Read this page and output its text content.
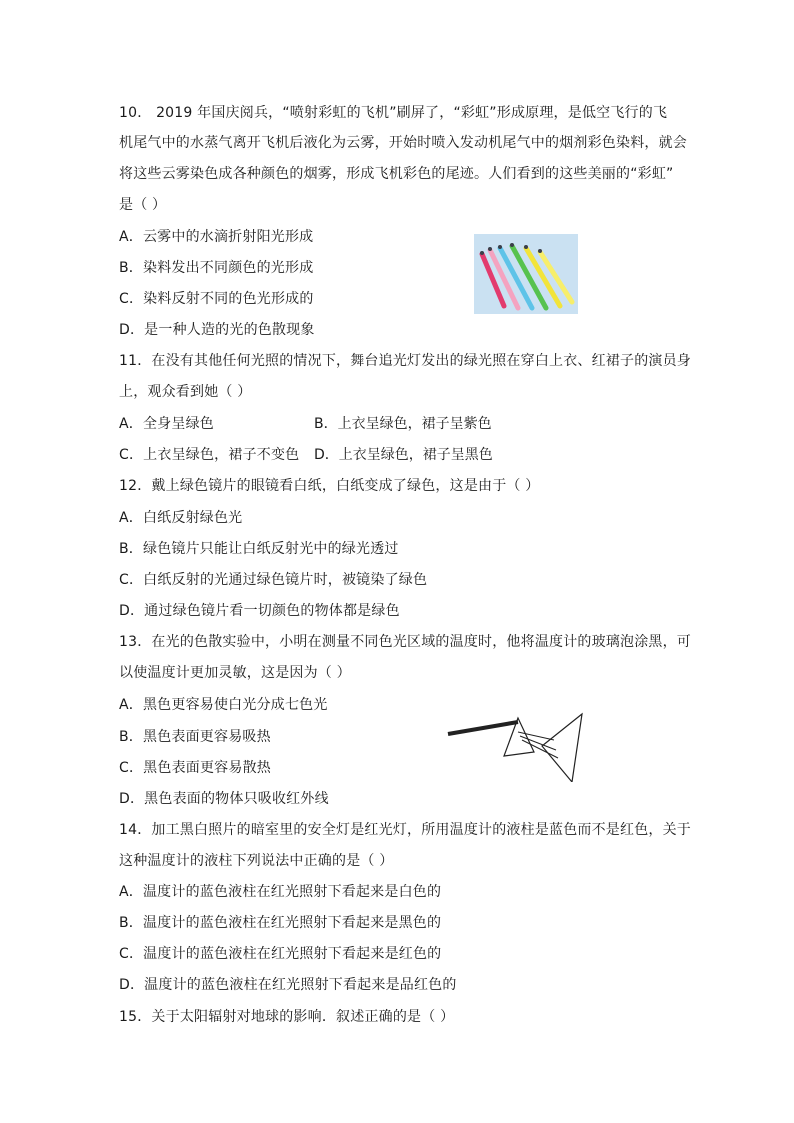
10． 2019 年国庆阅兵，“喷射彩虹的飞机”刷屏了，“彩虹”形成原理，是低空飞行的飞
机尾气中的水蒸气离开飞机后液化为云雾，开始时喷入发动机尾气中的烟剂彩色染料，就会
将这些云雾染色成各种颜色的烟雾，形成飞机彩色的尾迹。人们看到的这些美丽的“彩虹”
是（ ）
A．云雾中的水滴折射阳光形成
B．染料发出不同颜色的光形成
C．染料反射不同的色光形成的
D．是一种人造的光的色散现象
11．在没有其他任何光照的情况下，舞台追光灯发出的绿光照在穿白上衣、红裙子的演员身
上，观众看到她（ ）
A．全身呈绿色	B．上衣呈绿色，裙子呈紫色
C．上衣呈绿色，裙子不变色 D．上衣呈绿色，裙子呈黑色
12．戴上绿色镜片的眼镜看白纸，白纸变成了绿色，这是由于（ ）
A．白纸反射绿色光
B．绿色镜片只能让白纸反射光中的绿光透过
C．白纸反射的光通过绿色镜片时，被镜染了绿色
D．通过绿色镜片看一切颜色的物体都是绿色
13．在光的色散实验中，小明在测量不同色光区域的温度时，他将温度计的玻璃泡涂黑，可
以使温度计更加灵敏，这是因为（ ）
A．黑色更容易使白光分成七色光
B．黑色表面更容易吸热
C．黑色表面更容易散热
D．黑色表面的物体只吸收红外线
14．加工黑白照片的暗室里的安全灯是红光灯，所用温度计的液柱是蓝色而不是红色，关于
这种温度计的液柱下列说法中正确的是（ ）
A．温度计的蓝色液柱在红光照射下看起来是白色的
B．温度计的蓝色液柱在红光照射下看起来是黑色的
C．温度计的蓝色液柱在红光照射下看起来是红色的
D．温度计的蓝色液柱在红光照射下看起来是品红色的
15．关于太阳辐射对地球的影响．叙述正确的是（ ）
